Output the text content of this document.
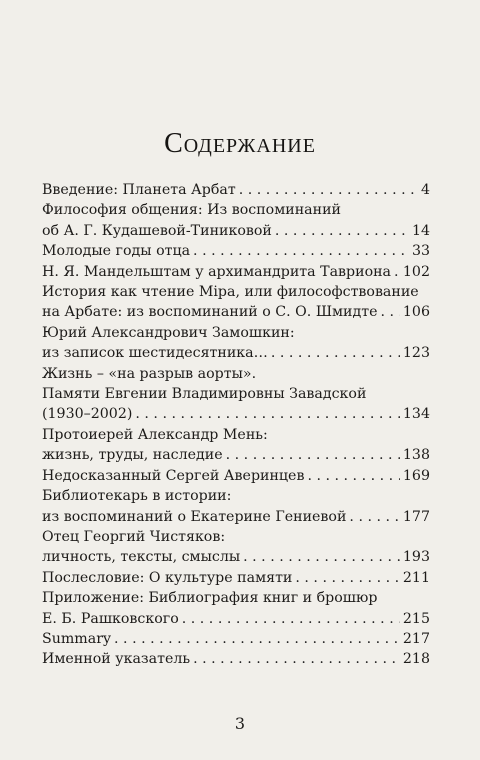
Содержание
Введение: Планета Арбат . . .	4
Философия общения: Из воспоминаний
об А. Г. Кудашевой-Тиниковой . . .	14
Молодые годы отца . . .	33
Н. Я. Мандельштам у архимандрита Тавриона . . . 102
История как чтение Міра, или философствование
на Арбате: из воспоминаний о С. О. Шмидте . . . 106
Юрий Александрович Замошкин:
из записок шестидесятника… . . .	123
Жизнь – «на разрыв аорты».
Памяти Евгении Владимировны Завадской
(1930–2002) . . .	134
Протоиерей Александр Мень:
жизнь, труды, наследие . . .	138
Недосказанный Сергей Аверинцев . . .	169
Библиотекарь в истории:
из воспоминаний о Екатерине Гениевой . . .	177
Отец Георгий Чистяков:
личность, тексты, смыслы . . .	193
Послесловие: О культуре памяти . . .	211
Приложение: Библиография книг и брошюр
Е. Б. Рашковского . . .	215
Summary . . .	217
Именной указатель . . .	218
3
